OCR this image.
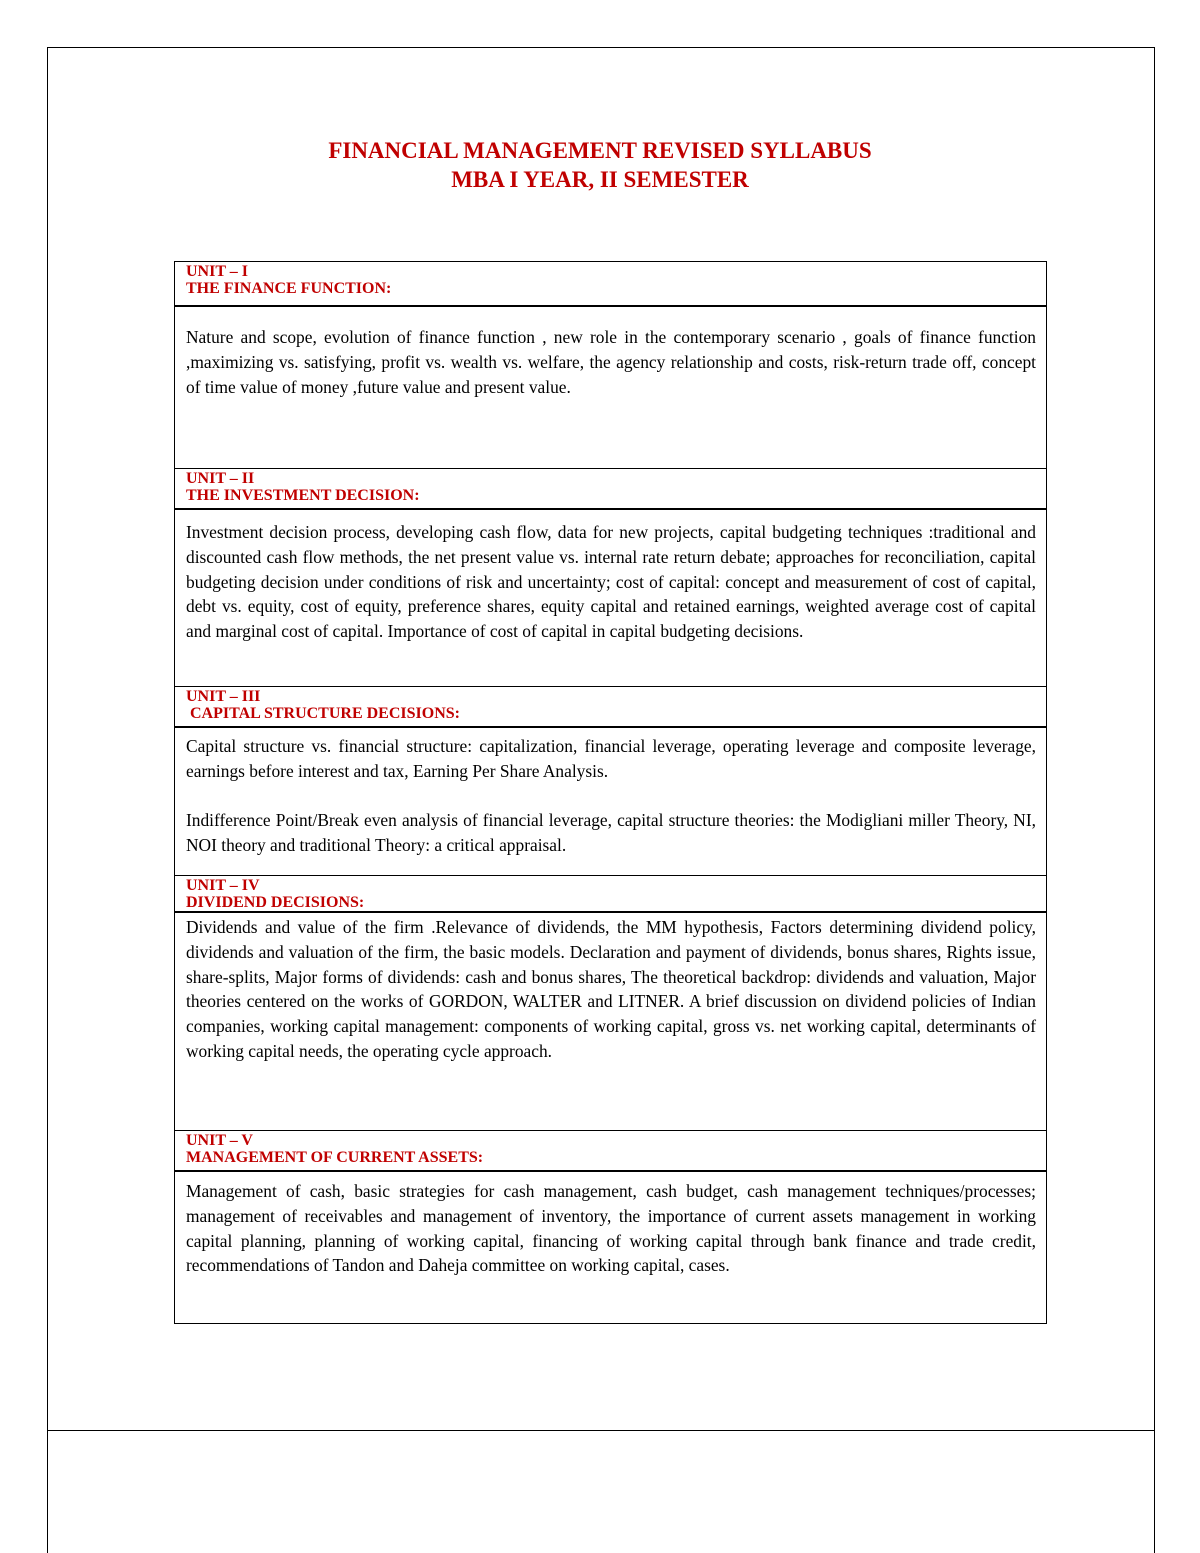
FINANCIAL MANAGEMENT REVISED SYLLABUS
MBA I YEAR, II SEMESTER
UNIT – I
THE FINANCE FUNCTION:

Nature and scope, evolution of finance function , new role in the contemporary scenario , goals of finance function ,maximizing vs. satisfying, profit vs. wealth vs. welfare, the agency relationship and costs, risk-return trade off, concept of time value of money ,future value and present value.

UNIT – II
THE INVESTMENT DECISION:

Investment decision process, developing cash flow, data for new projects, capital budgeting techniques :traditional and discounted cash flow methods, the net present value vs. internal rate return debate; approaches for reconciliation, capital budgeting decision under conditions of risk and uncertainty; cost of capital: concept and measurement of cost of capital, debt vs. equity, cost of equity, preference shares, equity capital and retained earnings, weighted average cost of capital and marginal cost of capital. Importance of cost of capital in capital budgeting decisions.

UNIT – III
CAPITAL STRUCTURE DECISIONS:

Capital structure vs. financial structure: capitalization, financial leverage, operating leverage and composite leverage, earnings before interest and tax, Earning Per Share Analysis.

Indifference Point/Break even analysis of financial leverage, capital structure theories: the Modigliani miller Theory, NI, NOI theory and traditional Theory: a critical appraisal.

UNIT – IV
DIVIDEND DECISIONS:

Dividends and value of the firm .Relevance of dividends, the MM hypothesis, Factors determining dividend policy, dividends and valuation of the firm, the basic models. Declaration and payment of dividends, bonus shares, Rights issue, share-splits, Major forms of dividends: cash and bonus shares, The theoretical backdrop: dividends and valuation, Major theories centered on the works of GORDON, WALTER and LITNER. A brief discussion on dividend policies of Indian companies, working capital management: components of working capital, gross vs. net working capital, determinants of working capital needs, the operating cycle approach.

UNIT – V
MANAGEMENT OF CURRENT ASSETS:

Management of cash, basic strategies for cash management, cash budget, cash management techniques/processes; management of receivables and management of inventory, the importance of current assets management in working capital planning, planning of working capital, financing of working capital through bank finance and trade credit, recommendations of Tandon and Daheja committee on working capital, cases.
